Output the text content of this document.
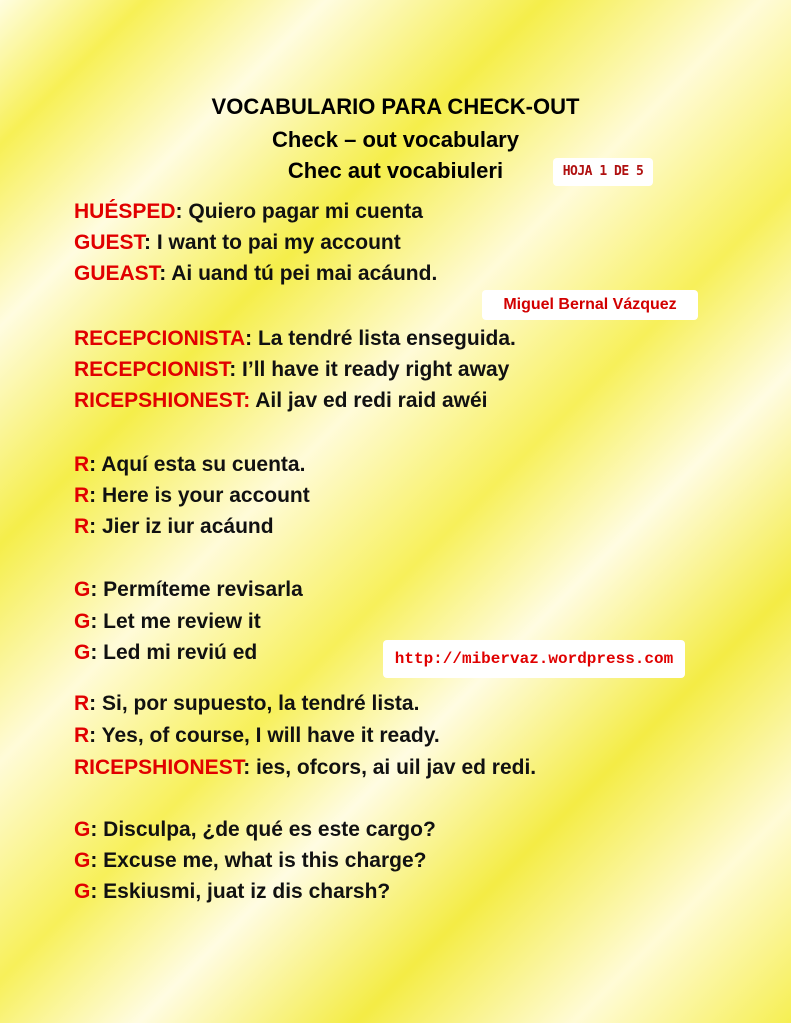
VOCABULARIO PARA CHECK-OUT
Check – out vocabulary
Chec aut vocabiuleri	HOJA 1 DE 5
Miguel Bernal Vázquez
http://mibervaz.wordpress.com
HUÉSPED: Quiero pagar mi cuenta
GUEST: I want to pai my account
GUEAST: Ai uand tú pei mai acáund.
RECEPCIONISTA: La tendré lista enseguida.
RECEPCIONIST: I’ll have it ready right away
RICEPSHIONEST: Ail jav ed redi raid awéi
R: Aquí esta su cuenta.
R: Here is your account
R: Jier iz iur acáund
G: Permíteme revisarla
G: Let me review it
G: Led mi reviú ed
R: Si, por supuesto, la tendré lista.
R: Yes, of course, I will have it ready.
RICEPSHIONEST: ies, ofcors, ai uil jav ed redi.
G: Disculpa, ¿de qué es este cargo?
G: Excuse me, what is this charge?
G: Eskiusmi, juat iz dis charsh?
